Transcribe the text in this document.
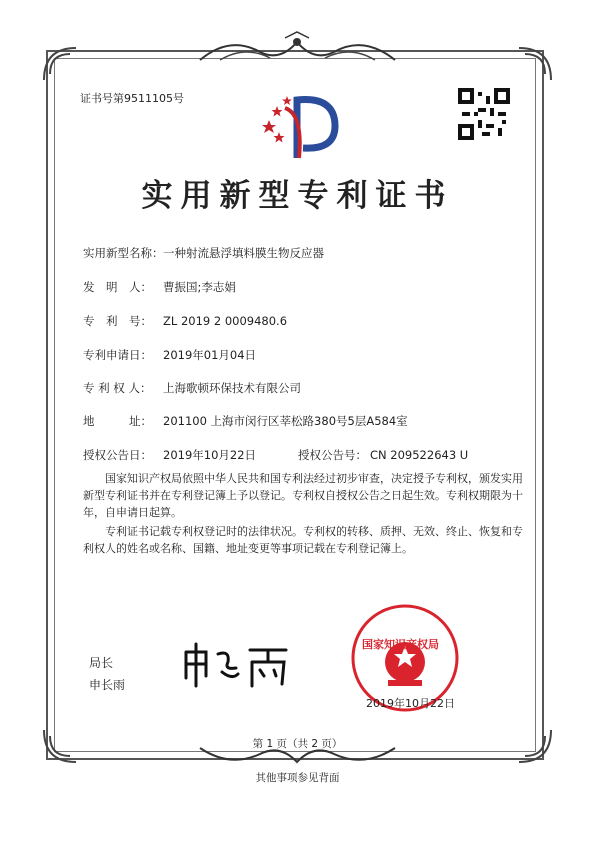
证书号第9511105号
实用新型专利证书
实用新型名称： 一种射流悬浮填料膜生物反应器
发　明　人： 曹振国;李志娟
专　利　号： ZL 2019 2 0009480.6
专利申请日： 2019年01月04日
专 利 权 人： 上海歌顿环保技术有限公司
地　　　址： 201100 上海市闵行区莘松路380号5层A584室
授权公告日： 2019年10月22日	授权公告号： CN 209522643 U
国家知识产权局依照中华人民共和国专利法经过初步审查，决定授予专利权，颁发实用新型专利证书并在专利登记簿上予以登记。专利权自授权公告之日起生效。专利权期限为十年，自申请日起算。
专利证书记载专利权登记时的法律状况。专利权的转移、质押、无效、终止、恢复和专利权人的姓名或名称、国籍、地址变更等事项记载在专利登记簿上。
局长
申长雨
国家知识产权局
2019年10月22日
第 1 页（共 2 页）
其他事项参见背面
